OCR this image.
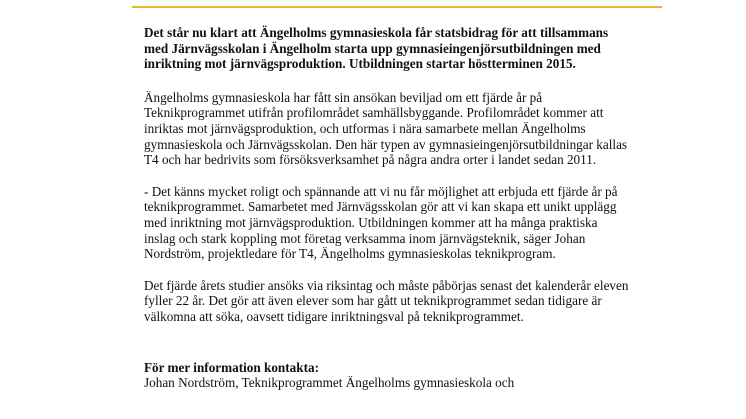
Det står nu klart att Ängelholms gymnasieskola får statsbidrag för att tillsammans
med Järnvägsskolan i Ängelholm starta upp gymnasieingenjörsutbildningen med
inriktning mot järnvägsproduktion. Utbildningen startar höstterminen 2015.

Ängelholms gymnasieskola har fått sin ansökan beviljad om ett fjärde år på
Teknikprogrammet utifrån profilområdet samhällsbyggande. Profilområdet kommer att
inriktas mot järnvägsproduktion, och utformas i nära samarbete mellan Ängelholms
gymnasieskola och Järnvägsskolan. Den här typen av gymnasieingenjörsutbildningar kallas
T4 och har bedrivits som försöksverksamhet på några andra orter i landet sedan 2011.

- Det känns mycket roligt och spännande att vi nu får möjlighet att erbjuda ett fjärde år på
teknikprogrammet. Samarbetet med Järnvägsskolan gör att vi kan skapa ett unikt upplägg
med inriktning mot järnvägsproduktion. Utbildningen kommer att ha många praktiska
inslag och stark koppling mot företag verksamma inom järnvägsteknik, säger Johan
Nordström, projektledare för T4, Ängelholms gymnasieskolas teknikprogram.

Det fjärde årets studier ansöks via riksintag och måste påbörjas senast det kalenderår eleven
fyller 22 år. Det gör att även elever som har gått ut teknikprogrammet sedan tidigare är
välkomna att söka, oavsett tidigare inriktningsval på teknikprogrammet.

För mer information kontakta:

Johan Nordström, Teknikprogrammet Ängelholms gymnasieskola och
